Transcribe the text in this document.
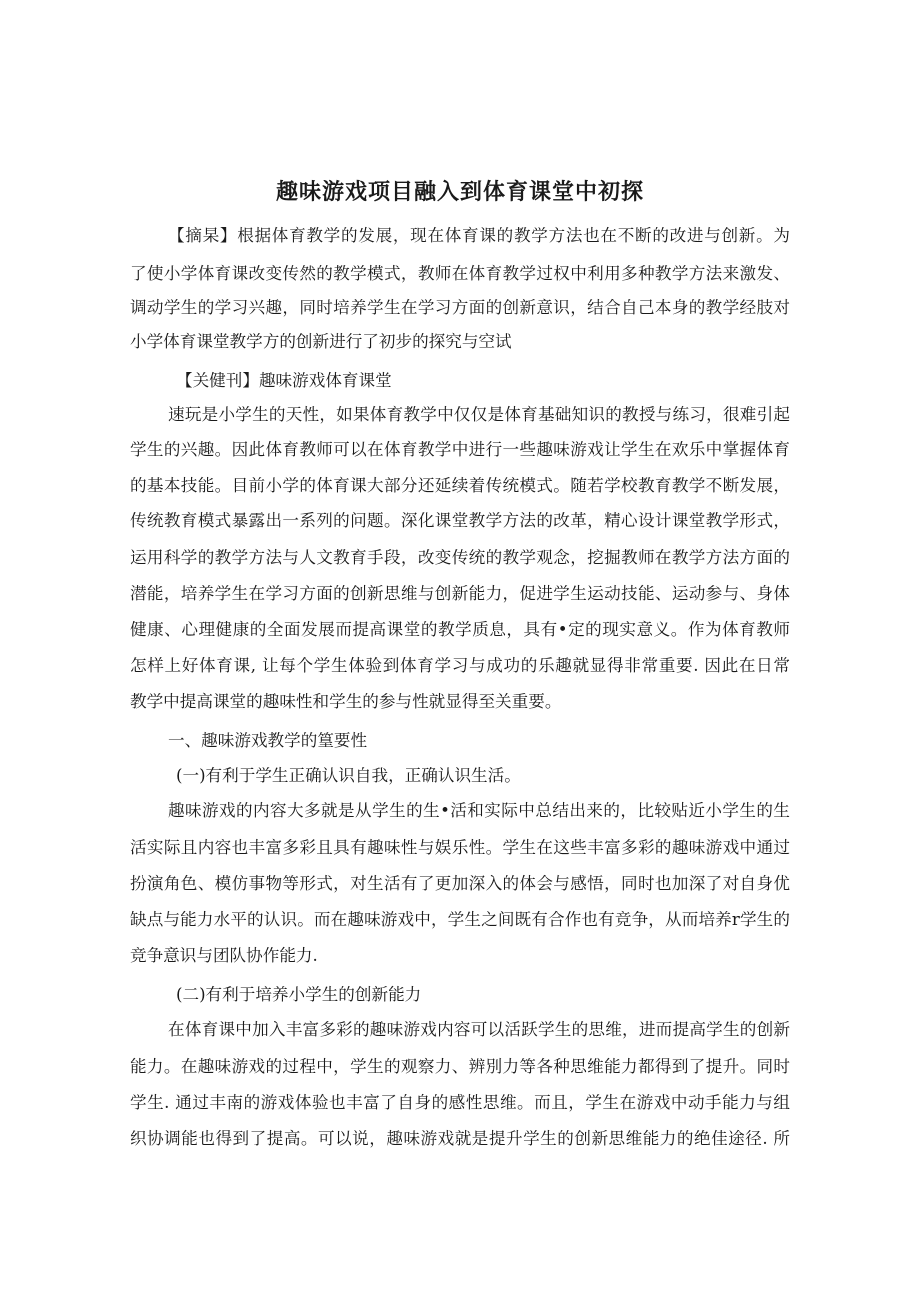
趣味游戏项目融入到体育课堂中初探
【摘杲】根据体育教学的发展，现在体育课的教学方法也在不断的改进与创新。为
了使小学体育课改变传然的教学模式，教师在体育教学过权中利用多种教学方法来激发、
调动学生的学习兴趣，同时培养学生在学习方面的创新意识，结合自己本身的教学经肢对
小学体育课堂教学方的创新进行了初步的探究与空试
【关健刊】趣味游戏体育课堂
速玩是小学生的天性，如果体育教学中仅仅是体育基础知识的教授与练习，很难引起
学生的兴趣。因此体育教师可以在体育教学中进行一些趣味游戏让学生在欢乐中掌握体育
的基本技能。目前小学的体育课大部分还延续着传统模式。随若学校教育教学不断发展，
传统教育模式暴露出一系列的问题。深化课堂教学方法的改革，精心设计课堂教学形式，
运用科学的教学方法与人文教育手段，改变传统的教学观念，挖掘教师在教学方法方面的
潜能，培养学生在学习方面的创新思维与创新能力，促进学生运动技能、运动参与、身体
健康、心理健康的全面发展而提高课堂的教学质息，具有•定的现实意义。作为体育教师
怎样上好体育课, 让每个学生体验到体育学习与成功的乐趣就显得非常重要. 因此在日常
教学中提高课堂的趣味性和学生的参与性就显得至关重要。
一、趣味游戏教学的篁要性
(一)有利于学生正确认识自我，正确认识生活。
趣味游戏的内容大多就是从学生的生•活和实际中总结出来的，比较贴近小学生的生
活实际且内容也丰富多彩且具有趣味性与娱乐性。学生在这些丰富多彩的趣味游戏中通过
扮演角色、模仿事物等形式，对生活有了更加深入的体会与感悟，同时也加深了对自身优
缺点与能力水平的认识。而在趣味游戏中，学生之间既有合作也有竞争，从而培养r学生的
竞争意识与团队协作能力.
(二)有利于培养小学生的创新能力
在体育课中加入丰富多彩的趣味游戏内容可以活跃学生的思维，进而提高学生的创新
能力。在趣味游戏的过程中，学生的观察力、辨別力等各种思维能力都得到了提升。同时
学生. 通过丰南的游戏体验也丰富了自身的感性思维。而且，学生在游戏中动手能力与组
织协调能也得到了提高。可以说，趣味游戏就是提升学生的创新思维能力的绝佳途径. 所
